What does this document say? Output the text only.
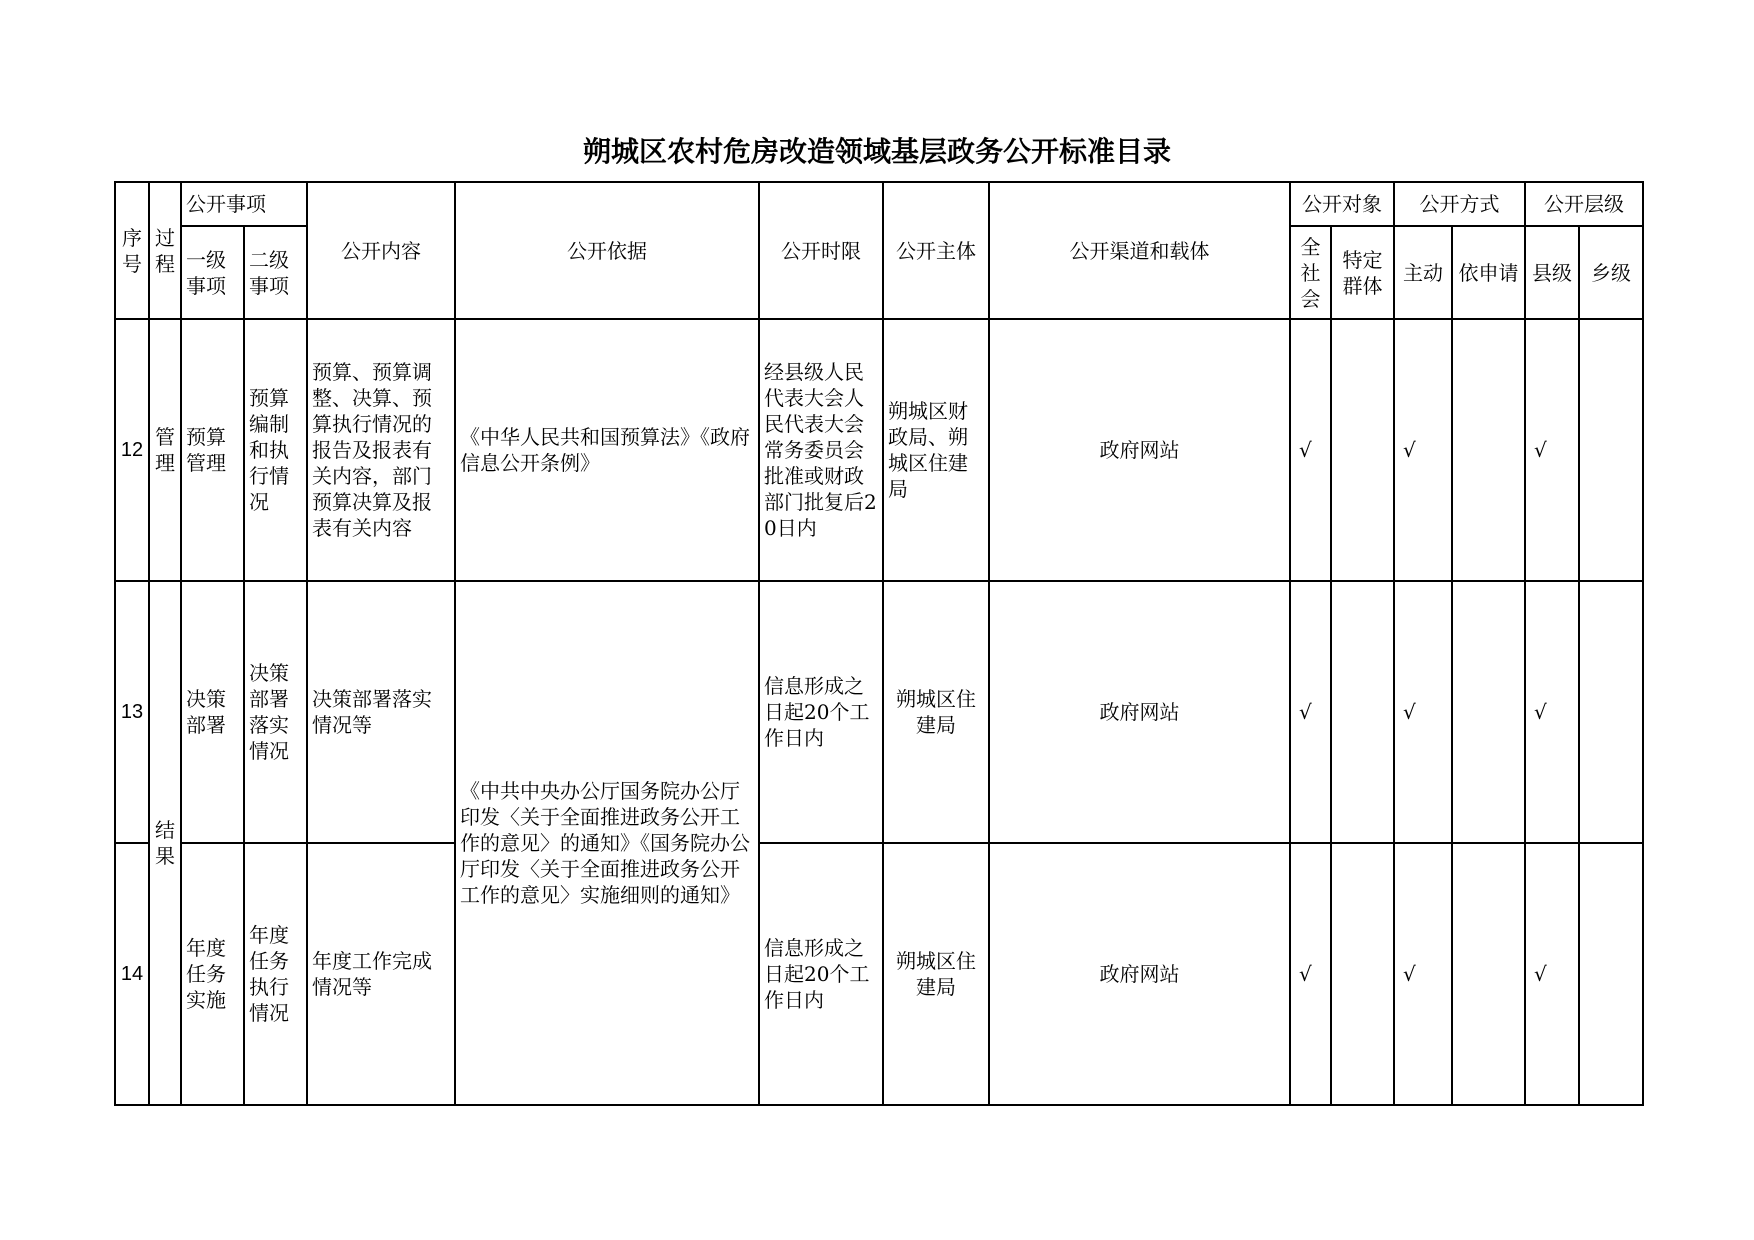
朔城区农村危房改造领域基层政务公开标准目录
序号	过程	公开事项		公开内容	公开依据	公开时限	公开主体	公开渠道和载体	公开对象		公开方式		公开层级	
		一级事项	二级事项						全社会	特定群体	主动	依申请	县级	乡级
12	管理	预算管理	预算编制和执行情况	预算、预算调整、决算、预算执行情况的报告及报表有关内容，部门预算决算及报表有关内容	《中华人民共和国预算法》《政府信息公开条例》	经县级人民代表大会人民代表大会常务委员会批准或财政部门批复后20日内	朔城区财政局、朔城区住建局	政府网站	√		√		√	
13	结果	决策部署	决策部署落实情况	决策部署落实情况等	《中共中央办公厅国务院办公厅印发〈关于全面推进政务公开工作的意见〉的通知》《国务院办公厅印发〈关于全面推进政务公开工作的意见〉实施细则的通知》	信息形成之日起20个工作日内	朔城区住建局	政府网站	√		√		√	
14		年度任务实施	年度任务执行情况	年度工作完成情况等		信息形成之日起20个工作日内	朔城区住建局	政府网站	√		√		√	
